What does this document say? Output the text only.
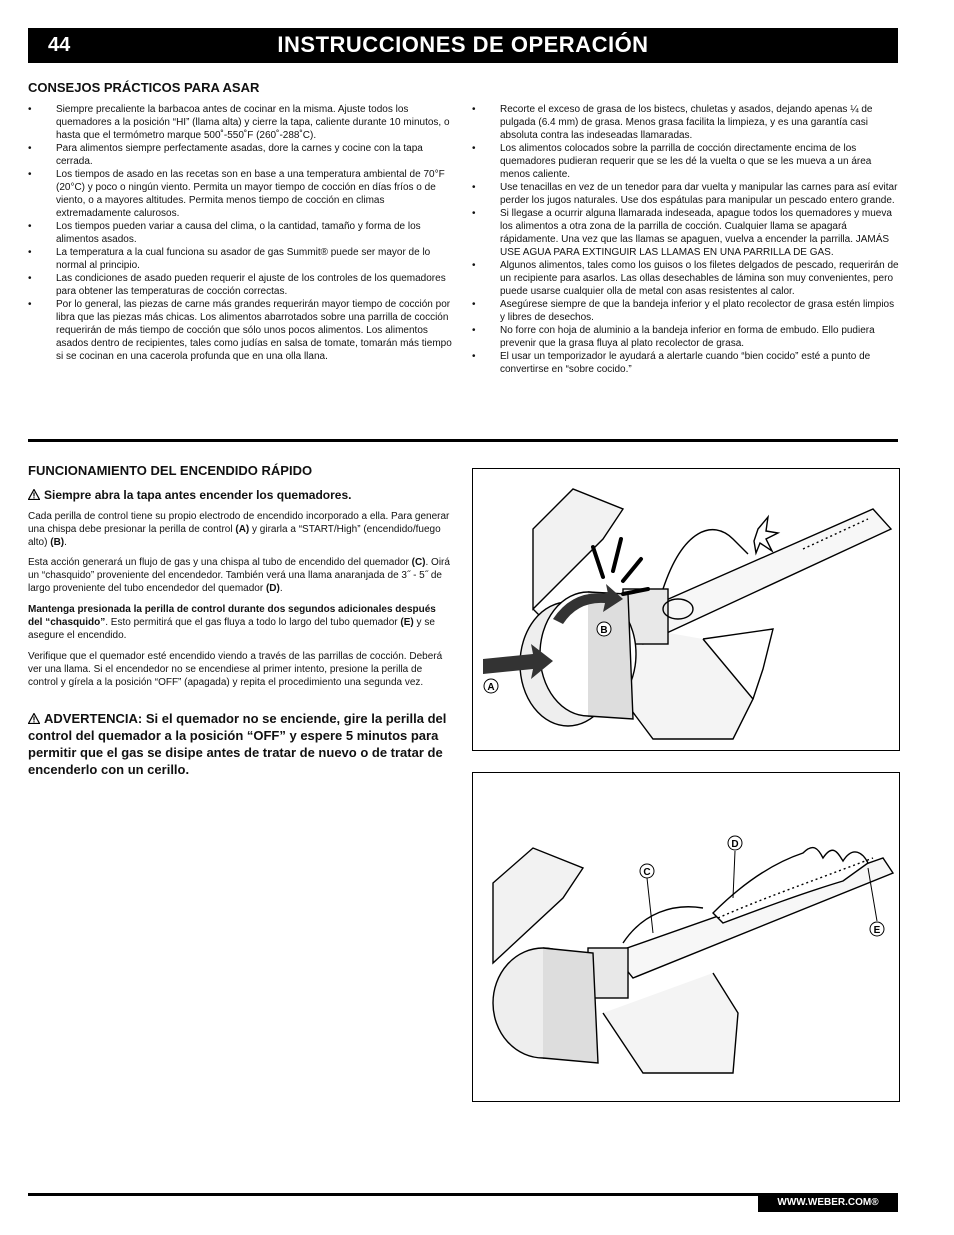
44	INSTRUCCIONES DE OPERACIÓN
CONSEJOS PRÁCTICOS PARA ASAR
• Siempre precaliente la barbacoa antes de cocinar en la misma. Ajuste todos los quemadores a la posición “HI” (llama alta) y cierre la tapa, caliente durante 10 minutos, o hasta que el termómetro marque 500˚-550˚F (260˚-288˚C).
• Para alimentos siempre perfectamente asadas, dore la carnes y cocine con la tapa cerrada.
• Los tiempos de asado en las recetas son en base a una temperatura ambiental de 70°F (20°C) y poco o ningún viento. Permita un mayor tiempo de cocción en días fríos o de viento, o a mayores altitudes. Permita menos tiempo de cocción en climas extremadamente calurosos.
• Los tiempos pueden variar a causa del clima, o la cantidad, tamaño y forma de los alimentos asados.
• La temperatura a la cual funciona su asador de gas Summit® puede ser mayor de lo normal al principio.
• Las condiciones de asado pueden requerir el ajuste de los controles de los quemadores para obtener las temperaturas de cocción correctas.
• Por lo general, las piezas de carne más grandes requerirán mayor tiempo de cocción por libra que las piezas más chicas. Los alimentos abarrotados sobre una parrilla de cocción requerirán de más tiempo de cocción que sólo unos pocos alimentos. Los alimentos asados dentro de recipientes, tales como judías en salsa de tomate, tomarán más tiempo si se cocinan en una cacerola profunda que en una olla llana.
• Recorte el exceso de grasa de los bistecs, chuletas y asados, dejando apenas ¼ de pulgada (6.4 mm) de grasa. Menos grasa facilita la limpieza, y es una garantía casi absoluta contra las indeseadas llamaradas.
• Los alimentos colocados sobre la parrilla de cocción directamente encima de los quemadores pudieran requerir que se les dé la vuelta o que se les mueva a un área menos caliente.
• Use tenacillas en vez de un tenedor para dar vuelta y manipular las carnes para así evitar perder los jugos naturales. Use dos espátulas para manipular un pescado entero grande.
• Si llegase a ocurrir alguna llamarada indeseada, apague todos los quemadores y mueva los alimentos a otra zona de la parrilla de cocción. Cualquier llama se apagará rápidamente. Una vez que las llamas se apaguen, vuelva a encender la parrilla. JAMÁS USE AGUA PARA EXTINGUIR LAS LLAMAS EN UNA PARRILLA DE GAS.
• Algunos alimentos, tales como los guisos o los filetes delgados de pescado, requerirán de un recipiente para asarlos. Las ollas desechables de lámina son muy convenientes, pero puede usarse cualquier olla de metal con asas resistentes al calor.
• Asegúrese siempre de que la bandeja inferior y el plato recolector de grasa estén limpios y libres de desechos.
• No forre con hoja de aluminio a la bandeja inferior en forma de embudo. Ello pudiera prevenir que la grasa fluya al plato recolector de grasa.
• El usar un temporizador le ayudará a alertarle cuando “bien cocido” esté a punto de convertirse en “sobre cocido.”
FUNCIONAMIENTO DEL ENCENDIDO RÁPIDO
Siempre abra la tapa antes encender los quemadores.

Cada perilla de control tiene su propio electrodo de encendido incorporado a ella. Para generar una chispa debe presionar la perilla de control (A) y girarla a “START/High” (encendido/fuego alto) (B).

Esta acción generará un flujo de gas y una chispa al tubo de encendido del quemador (C). Oirá un “chasquido” proveniente del encendedor. También verá una llama anaranjada de 3˝ - 5˝ de largo proveniente del tubo encendedor del quemador (D).

Mantenga presionada la perilla de control durante dos segundos adicionales después del “chasquido”. Esto permitirá que el gas fluya a todo lo largo del tubo quemador (E) y se asegure el encendido.

Verifique que el quemador esté encendido viendo a través de las parrillas de cocción. Deberá ver una llama. Si el encendedor no se encendiese al primer intento, presione la perilla de control y gírela a la posición “OFF” (apagada) y repita el procedimiento una segunda vez.

ADVERTENCIA: Si el quemador no se enciende, gire la perilla del control del quemador a la posición “OFF” y espere 5 minutos para permitir que el gas se disipe antes de tratar de nuevo o de tratar de encenderlo con un cerillo.
B
A
C
D
E
WWW.WEBER.COM®
